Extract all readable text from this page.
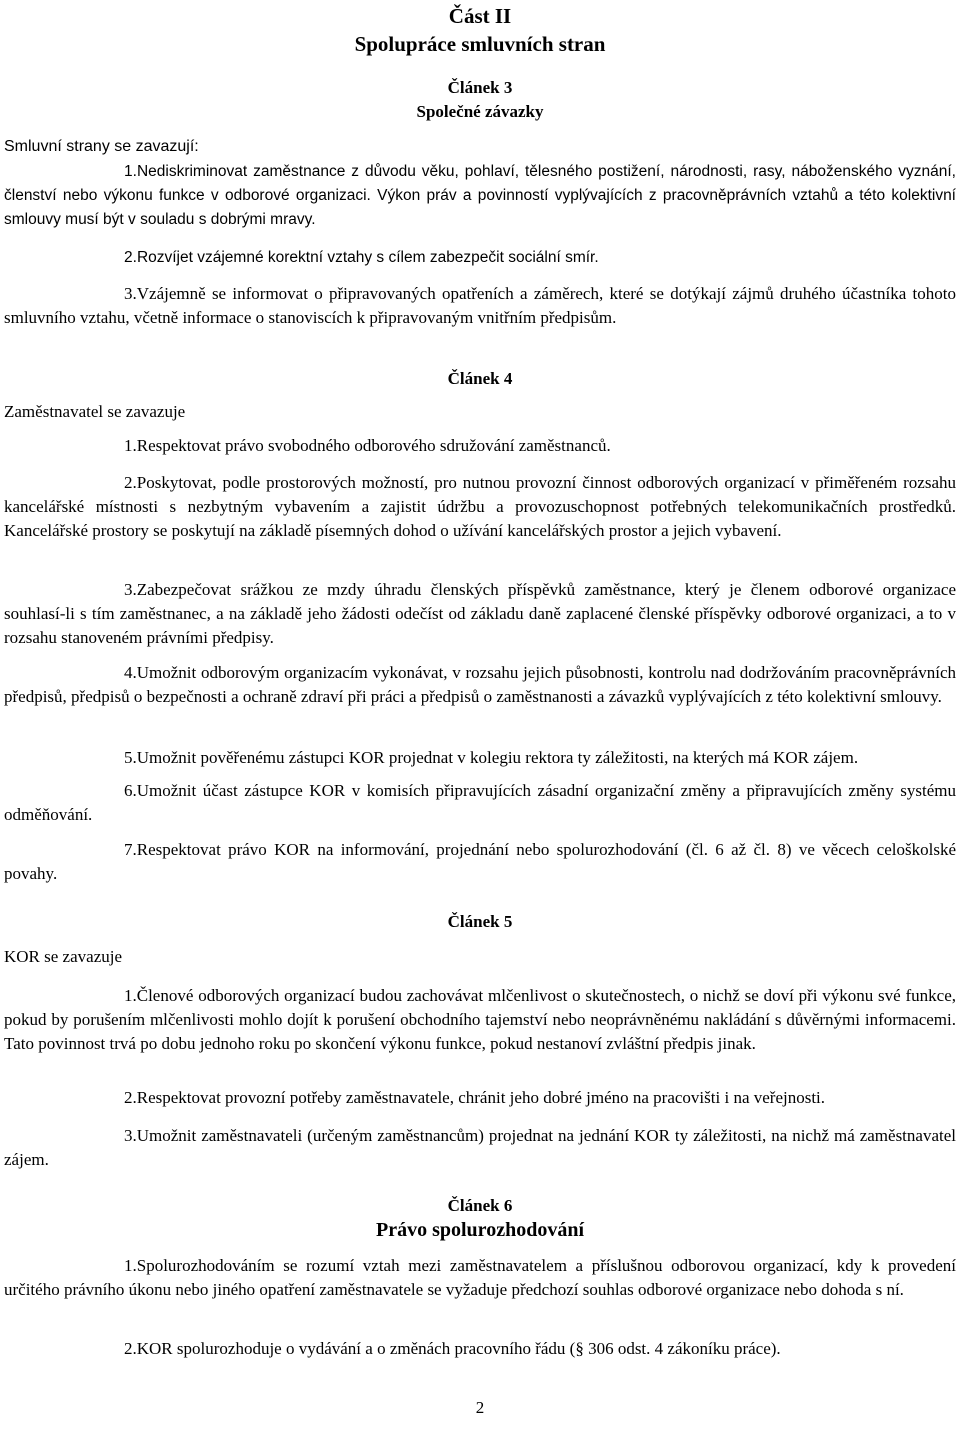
Část II
Spolupráce smluvních stran
Článek 3
Společné závazky
Smluvní strany se zavazují:

1.Nediskriminovat zaměstnance z důvodu věku, pohlaví, tělesného postižení, národnosti, rasy, náboženského vyznání, členství nebo výkonu funkce v odborové organizaci. Výkon práv a povinností vyplývajících z pracovněprávních vztahů a této kolektivní smlouvy musí být v souladu s dobrými mravy.

2.Rozvíjet vzájemné korektní vztahy s cílem zabezpečit sociální smír.

3.Vzájemně se informovat o připravovaných opatřeních a záměrech, které se dotýkají zájmů druhého účastníka tohoto smluvního vztahu, včetně informace o stanoviscích k připravovaným vnitřním předpisům.

Článek 4
Zaměstnavatel se zavazuje

1.Respektovat právo svobodného odborového sdružování zaměstnanců.

2.Poskytovat, podle prostorových možností, pro nutnou provozní činnost odborových organizací v přiměřeném rozsahu kancelářské místnosti s nezbytným vybavením a zajistit údržbu a provozuschopnost potřebných telekomunikačních prostředků. Kancelářské prostory se poskytují na základě písemných dohod o užívání kancelářských prostor a jejich vybavení.

3.Zabezpečovat srážkou ze mzdy úhradu členských příspěvků zaměstnance, který je členem odborové organizace souhlasí-li s tím zaměstnanec, a na základě jeho žádosti odečíst od základu daně zaplacené členské příspěvky odborové organizaci, a to v rozsahu stanoveném právními předpisy.

4.Umožnit odborovým organizacím vykonávat, v rozsahu jejich působnosti, kontrolu nad dodržováním pracovněprávních předpisů, předpisů o bezpečnosti a ochraně zdraví při práci a předpisů o zaměstnanosti a závazků vyplývajících z této kolektivní smlouvy.

5.Umožnit pověřenému zástupci KOR projednat v kolegiu rektora ty záležitosti, na kterých má KOR zájem.

6.Umožnit účast zástupce KOR v komisích připravujících zásadní organizační změny a připravujících změny systému odměňování.

7.Respektovat právo KOR na informování, projednání nebo spolurozhodování (čl. 6 až čl. 8) ve věcech celoškolské povahy.

Článek 5
KOR se zavazuje

1.Členové odborových organizací budou zachovávat mlčenlivost o skutečnostech, o nichž se doví při výkonu své funkce, pokud by porušením mlčenlivosti mohlo dojít k porušení obchodního tajemství nebo neoprávněnému nakládání s důvěrnými informacemi. Tato povinnost trvá po dobu jednoho roku po skončení výkonu funkce, pokud nestanoví zvláštní předpis jinak.

2.Respektovat provozní potřeby zaměstnavatele, chránit jeho dobré jméno na pracovišti i na veřejnosti.

3.Umožnit zaměstnavateli (určeným zaměstnancům) projednat na jednání KOR ty záležitosti, na nichž má zaměstnavatel zájem.

Článek 6
Právo spolurozhodování

1.Spolurozhodováním se rozumí vztah mezi zaměstnavatelem a příslušnou odborovou organizací, kdy k provedení určitého právního úkonu nebo jiného opatření zaměstnavatele se vyžaduje předchozí souhlas odborové organizace nebo dohoda s ní.

2.KOR spolurozhoduje o vydávání a o změnách pracovního řádu (§ 306 odst. 4 zákoníku práce).

2
